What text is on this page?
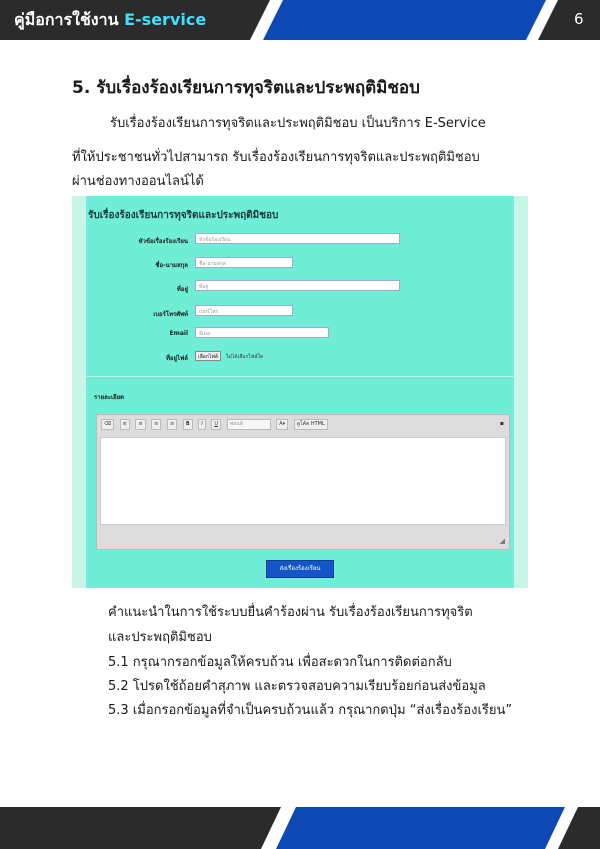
คู่มือการใช้งาน E-service	6
5. รับเรื่องร้องเรียนการทุจริตและประพฤติมิชอบ
รับเรื่องร้องเรียนการทุจริตและประพฤติมิชอบ เป็นบริการ E-Service
ที่ให้ประชาชนทั่วไปสามารถ รับเรื่องร้องเรียนการทุจริตและประพฤติมิชอบ
ผ่านช่องทางออนไลน์ได้
รับเรื่องร้องเรียนการทุจริตและประพฤติมิชอบ
หัวข้อเรื่องร้องเรียน	หัวข้อร้องเรียน
ชื่อ-นามสกุล	ชื่อ-นามสกุล
ที่อยู่	ที่อยู่
เบอร์โทรศัพท์	เบอร์โทร
Email	อีเมล
ที่อยู่ไฟล์	เลือกไฟล์	ไม่ได้เลือกไฟล์ใด
รายละเอียด
⌫ ≡ ≡ ≡ ≡ B I U ฟอนต์	A▾ ดูโค้ด HTML	▪
◢
ส่งเรื่องร้องเรียน
คำแนะนำในการใช้ระบบยื่นคำร้องผ่าน รับเรื่องร้องเรียนการทุจริต
และประพฤติมิชอบ
5.1 กรุณากรอกข้อมูลให้ครบถ้วน เพื่อสะดวกในการติดต่อกลับ
5.2 โปรดใช้ถ้อยคำสุภาพ และตรวจสอบความเรียบร้อยก่อนส่งข้อมูล
5.3 เมื่อกรอกข้อมูลที่จำเป็นครบถ้วนแล้ว กรุณากดปุ่ม “ส่งเรื่องร้องเรียน”
